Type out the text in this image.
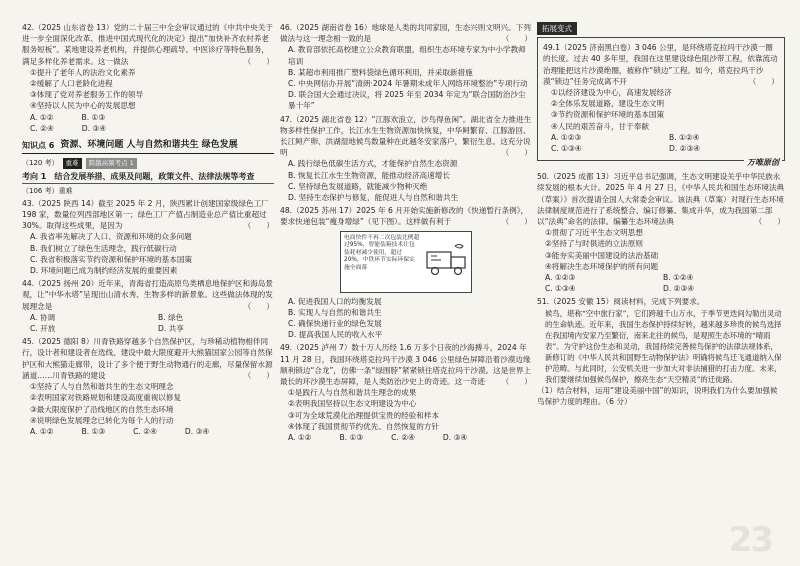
42.（2025 山东省卷 13）党的二十届三中全会审议通过的《中共中央关于进一步全面深化改革、推进中国式现代化的决定》提出“加快补齐农村养老服务短板”。某地建设养老机构，并提供心理疏导、中医诊疗等特色服务，满足多样化养老需求。这一做法	（　　）
①提升了老年人的法治文化素养
②缓解了人口老龄化进程
③体现了党对养老服务工作的领导
④坚持以人民为中心的发展思想
A. ①②	B. ①③
C. ②④	D. ③④
知识点 6 资源、环境问题 人与自然和谐共生 绿色发展
（120 考）	重难	跨越高频考点 1
考向 1　结合发展举措、成果及问题，政策文件、法律法规等考查
（106 考）重难
43.（2025 陕西 14）截至 2025 年 2 月，陕西累计创建国家级绿色工厂 198 家，数量位列西部地区第一；绿色工厂产值占制造业总产值比重超过 30%。取得这些成果，是因为	（　　）
A. 我省率先解决了人口、资源和环境的众多问题
B. 我们树立了绿色生活理念，践行低碳行动
C. 我省积极落实节约资源和保护环境的基本国策
D. 环境问题已成为制约经济发展的重要因素
44.（2025 扬州 20）近年来，青海省打造高原鸟类栖息地保护区和海岛景观，让“中华水塔”呈现出山清水秀、生物多样的新景象。这些做法体现的发展理念是	（　　）
A. 协调	B. 绿色
C. 开放	D. 共享
45.（2025 德阳 8）川青铁路穿越多个自然保护区，与珍稀动植物相伴同行，设计者和建设者在选线、建设中最大限度避开大熊猫国家公园等自然保护区和大熊猫走廊带，设计了多个便于野生动物通行的走廊，尽量保留水源涵道……川青铁路的建设	（　　）
①坚持了人与自然和谐共生的生态文明理念
②表明国家对铁路规划和建设高度重视以修复
③最大限度保护了沿线地区的自然生态环境
④说明绿色发展理念已转化为每个人的行动
A. ①②	B. ①③	C. ②④	D. ③④
46.（2025 湖南省卷 16）地球是人类的共同家园，生态兴则文明兴。下列做法与这一理念相一致的是	（　　）
A. 教育部依托高校建立公众教育联盟，组织生态环境专家为中小学教师培训
B. 某超市利用推广塑料袋绿色循环利用，并采取新措施
C. 中央网信办开展“清朗·2024 年暑期未成年人网络环境整治”专项行动
D. 联合国大会通过决议，将 2025 年至 2034 年定为“联合国防治沙尘暴十年”
47.（2025 湖北省卷 12）“江豚欢浪立，沙鸟得鱼闲”。湖北省全力推进生物多样性保护工作，长江水生生物资源加快恢复，中华鲟繁育、江豚游回、长江鲟产卵、洪湖湿地候鸟数量种在此越冬安家落户，繁衍生息。这充分说明	（　　）
A. 践行绿色低碳生活方式，才能保护自然生态资源
B. 恢复长江水生生物资源，能推动经济高速增长
C. 坚持绿色发展道路，就能减少物种灭绝
D. 坚持生态保护与修复，能促进人与自然和谐共生
48.（2025 苏州 17）2025 年 6 月开始实施新修改的《快递暂行条例》，要求快递包装“瘦身增绿”（见下图）。这样做有利于	（　　）
电商快件不再二次包装比例超过95%，智能装箱技术让包装耗材减少使用，超过20%，中铁环节实际环保实施全面落
A. 促进我国人口的均衡发展
B. 实现人与自然的和谐共生
C. 确保快递行业的绿色发展
D. 提高我国人民的收入水平
49.（2025 泸州 7）数十万人历经 1.6 万多个日夜的沙海搏斗，2024 年 11 月 28 日，我国环绕塔克拉玛干沙漠 3 046 公里绿色屏障沿着沙漠边缘顺利锁边“合龙”，仿佛一条“绿围脖”紧紧锁住塔克拉玛干沙漠。这是世界上最长的环沙漠生态屏障，是人类防治沙史上的奇迹。这一奇迹 （　　）
①是践行人与自然和谐共生理念的成果
②表明我国坚持以生态文明建设为中心
③可为全球荒漠化治理提供宝贵的经验和样本
④体现了我国贯彻节约优先、自然恢复的方针
A. ①②	B. ①③	C. ②④	D. ③④
拓展变式
49.1（2025 济南黑白卷）3 046 公里，是环绕塔克拉玛干沙漠一圈的长度。过去 40 多年里，我国在这里建设绿色阻沙带工程，依靠流动治理能把这片沙漠绝圈，被称作“锁边”工程。如今，塔克拉玛干沙漠“锁边”任务完成离不开	（　　）
①以经济建设为中心，高速发展经济
②全体乐发展道路，建设生态文明
③节约资源和保护环境的基本国策
④人民的艰苦奋斗，甘于奉献
A. ①②③	B. ①②④
C. ①③④	D. ②③④
万唯原创
50.（2025 成都 13）习近平总书记强调，生态文明建设关乎中华民族永续发展的根本大计。2025 年 4 月 27 日，《中华人民共和国生态环境法典（草案）》首次提请全国人大常委会审议。该法典（草案）对现行生态环境法律制度规范进行了系统整合、编订修纂、集成升华，成为我国第二部以“法典”命名的法律。编纂生态环境法典	（　　）
①贯彻了习近平生态文明思想
②坚持了与时俱进的立法原则
③能夯实美丽中国建设的法治基础
④将解决生态环境保护的所有问题
A. ①②③	B. ①②④
C. ①③④	D. ②③④
51.（2025 安徽 15）阅读材料，完成下列要求。
候鸟，堪称“空中旅行家”，它们跨越千山万水，于季节更迭间勾勒出灵动的生命轨迹。近年来，我国生态保护持续好转，越来越多珍贵的候鸟选择在我国境内安家乃至繁衍，南来北往的候鸟，是观照生态环境的“晴雨表”。为守护这份生态和灵动，我国持续完善候鸟保护的法律法规体系，新修订的《中华人民共和国野生动物保护法》明确将候鸟迁飞通道纳入保护范畴。与此同时，公安机关进一步加大对非法捕猎的打击力度。未来，我们要继续加强候鸟保护，擦亮生态“天空精灵”的迁徙路。
（1）结合材料，运用“建设美丽中国”的知识，说明我们为什么要加强候鸟保护力度的理由。（6 分）
23
